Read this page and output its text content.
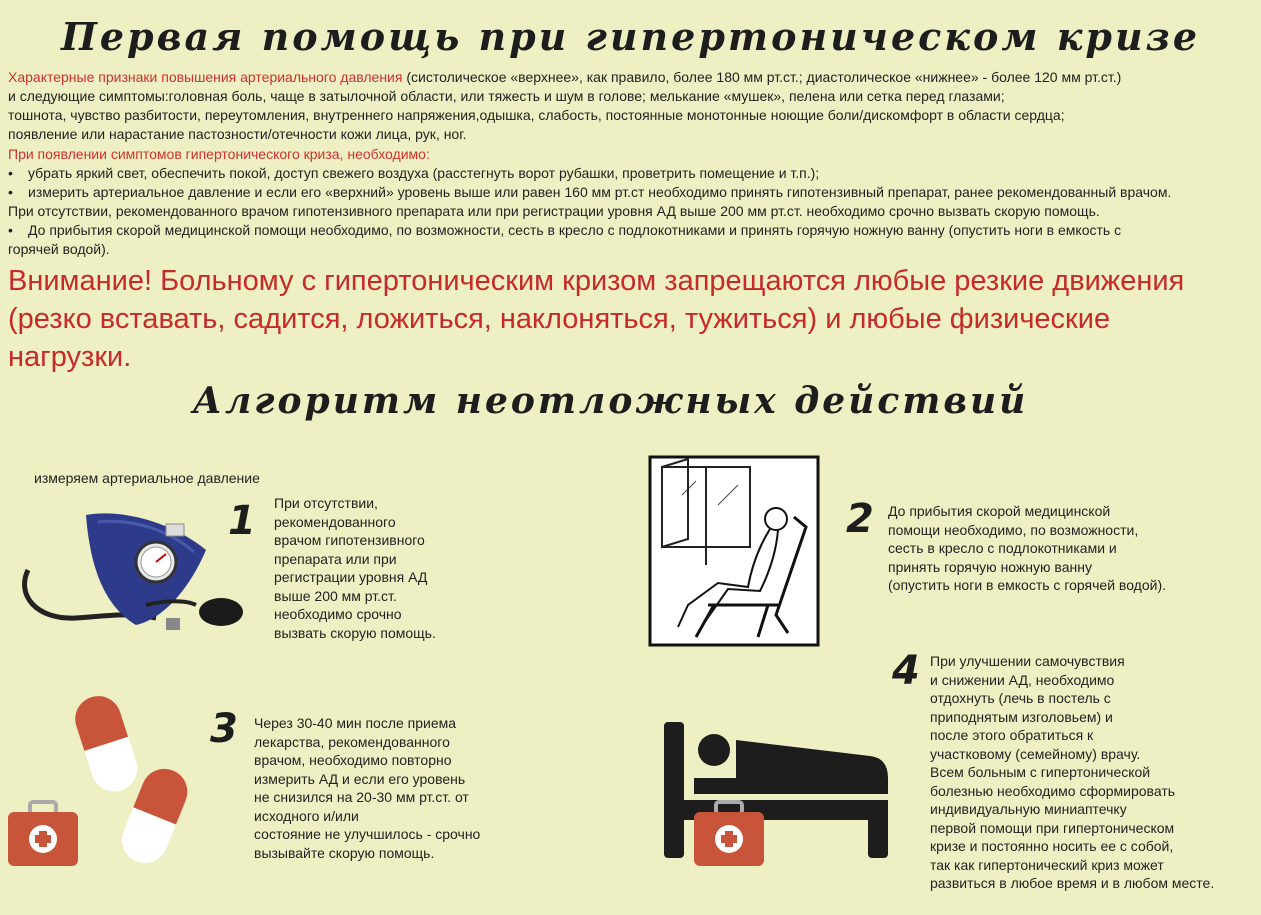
Первая помощь при гипертоническом кризе
Характерные признаки повышения артериального давления (систолическое «верхнее», как правило, более 180 мм рт.ст.; диастолическое «нижнее» - более 120 мм рт.ст.)
и следующие симптомы:головная боль, чаще в затылочной области, или тяжесть и шум в голове; мелькание «мушек», пелена или сетка перед глазами;
тошнота, чувство разбитости, переутомления, внутреннего напряжения,одышка, слабость, постоянные монотонные ноющие боли/дискомфорт в области сердца;
появление или нарастание пастозности/отечности кожи лица, рук, ног.
При появлении симптомов гипертонического криза, необходимо:
• убрать яркий свет, обеспечить покой, доступ свежего воздуха (расстегнуть ворот рубашки, проветрить помещение и т.п.);
• измерить артериальное давление и если его «верхний» уровень выше или равен 160 мм рт.ст необходимо принять гипотензивный препарат, ранее рекомендованный врачом.
При отсутствии, рекомендованного врачом гипотензивного препарата или при регистрации уровня АД выше 200 мм рт.ст. необходимо срочно вызвать скорую помощь.
• До прибытия скорой медицинской помощи необходимо, по возможности, сесть в кресло с подлокотниками и принять горячую ножную ванну (опустить ноги в емкость с
горячей водой).
Внимание! Больному с гипертоническим кризом запрещаются любые резкие движения (резко вставать, садится, ложиться, наклоняться, тужиться) и любые физические нагрузки.
Алгоритм неотложных действий
измеряем артериальное давление
1 При отсутствии,
рекомендованного
врачом гипотензивного
препарата или при
регистрации уровня АД
выше 200 мм рт.ст.
необходимо срочно
вызвать скорую помощь.
2 До прибытия скорой медицинской
помощи необходимо, по возможности,
сесть в кресло с подлокотниками и
принять горячую ножную ванну
(опустить ноги в емкость с горячей водой).
3 Через 30-40 мин после приема
лекарства, рекомендованного
врачом, необходимо повторно
измерить АД и если его уровень
не снизился на 20-30 мм рт.ст. от
исходного и/или
состояние не улучшилось - срочно
вызывайте скорую помощь.
4 При улучшении самочувствия
и снижении АД, необходимо
отдохнуть (лечь в постель с
приподнятым изголовьем) и
после этого обратиться к
участковому (семейному) врачу.
Всем больным с гипертонической
болезнью необходимо сформировать
индивидуальную миниаптечку
первой помощи при гипертоническом
кризе и постоянно носить ее с собой,
так как гипертонический криз может
развиться в любое время и в любом месте.
